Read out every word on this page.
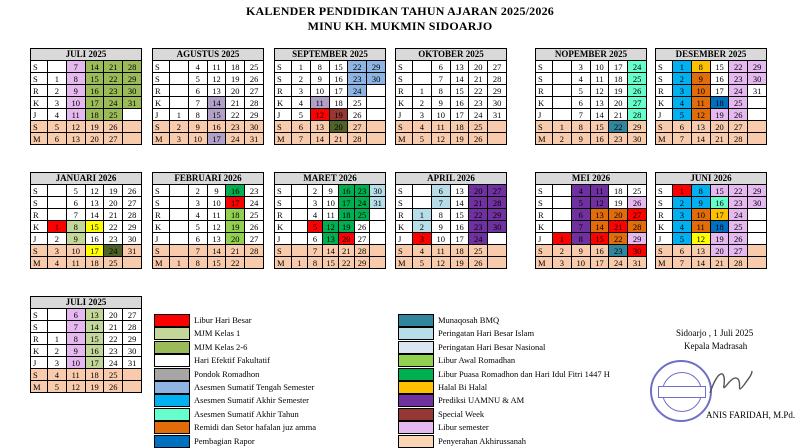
KALENDER PENDIDIKAN TAHUN AJARAN 2025/2026
MINU KH. MUKMIN SIDOARJO
JULI 2025
S		7	14	21	28
S	1	8	15	22	29
R	2	9	16	23	30
K	3	10	17	24	31
J	4	11	18	25	
S	5	12	19	26	
M	6	13	20	27	
AGUSTUS 2025
S		4	11	18	25
S		5	12	19	26
R		6	13	20	27
K		7	14	21	28
J	1	8	15	22	29
S	2	9	16	23	30
M	3	10	17	24	31
SEPTEMBER 2025
S	1	8	15	22	29
S	2	9	16	23	30
R	3	10	17	24	
K	4	11	18	25	
J	5	12	19	26	
S	6	13	20	27	
M	7	14	21	28	
OKTOBER 2025
S		6	13	20	27
S		7	14	21	28
R	1	8	15	22	29
K	2	9	16	23	30
J	3	10	17	24	31
S	4	11	18	25	
M	5	12	19	26	
NOPEMBER 2025
S		3	10	17	24
S		4	11	18	25
R		5	12	19	26
K		6	13	20	27
J		7	14	21	28
S	1	8	15	22	29
M	2	9	16	23	30
DESEMBER 2025
S	1	8	15	22	29
S	2	9	16	23	30
R	3	10	17	24	31
K	4	11	18	25	
J	5	12	19	26	
S	6	13	20	27	
M	7	14	21	28	
JANUARI 2026
S		5	12	19	26
S		6	13	20	27
R		7	14	21	28
K	1	8	15	22	29
J	2	9	16	23	30
S	3	10	17	24	31
M	4	11	18	25	
FEBRUARI 2026
S		2	9	16	23
S		3	10	17	24
R		4	11	18	25
K		5	12	19	26
J		6	13	20	27
S		7	14	21	28
M	1	8	15	22	
MARET 2026
S		2	9	16	23	30
S		3	10	17	24	31
R		4	11	18	25	
K		5	12	19	26	
J		6	13	20	27	
S		7	14	21	28	
M	1	8	15	22	29	
APRIL 2026
S		6	13	20	27
S		7	14	21	28
R	1	8	15	22	29
K	2	9	16	23	30
J	3	10	17	24	
S	4	11	18	25	
M	5	12	19	26	
MEI 2026
S		4	11	18	25
S		5	12	19	26
R		6	13	20	27
K		7	14	21	28
J	1	8	15	22	29
S	2	9	16	23	30
M	3	10	17	24	31
JUNI 2026
S	1	8	15	22	29
S	2	9	16	23	30
R	3	10	17	24	
K	4	11	18	25	
J	5	12	19	26	
S	6	13	20	27	
M	7	14	21	28	
JULI 2025
S		6	13	20	27
S		7	14	21	28
R	1	8	15	22	29
K	2	9	16	23	30
J	3	10	17	24	31
S	4	11	18	25	
M	5	12	19	26	
Libur Hari Besar
MJM Kelas 1
MJM Kelas 2-6
Hari Efektif Fakultatif
Pondok Romadhon
Asesmen Sumatif Tengah Semester
Asesmen Sumatif Akhir Semester
Asesmen Sumatif Akhir Tahun
Remidi dan Setor hafalan juz amma
Pembagian Rapor
Munaqosah BMQ
Peringatan Hari Besar Islam
Peringatan Hari Besar Nasional
Libur Awal Romadhan
Libur Puasa Romadhon dan Hari Idul Fitri 1447 H
Halal Bi Halal
Prediksi UAMNU & AM
Special Week
Libur semester
Penyerahan Akhirussanah
Sidoarjo , 1 Juli 2025
Kepala Madrasah
ANIS FARIDAH, M.Pd.
